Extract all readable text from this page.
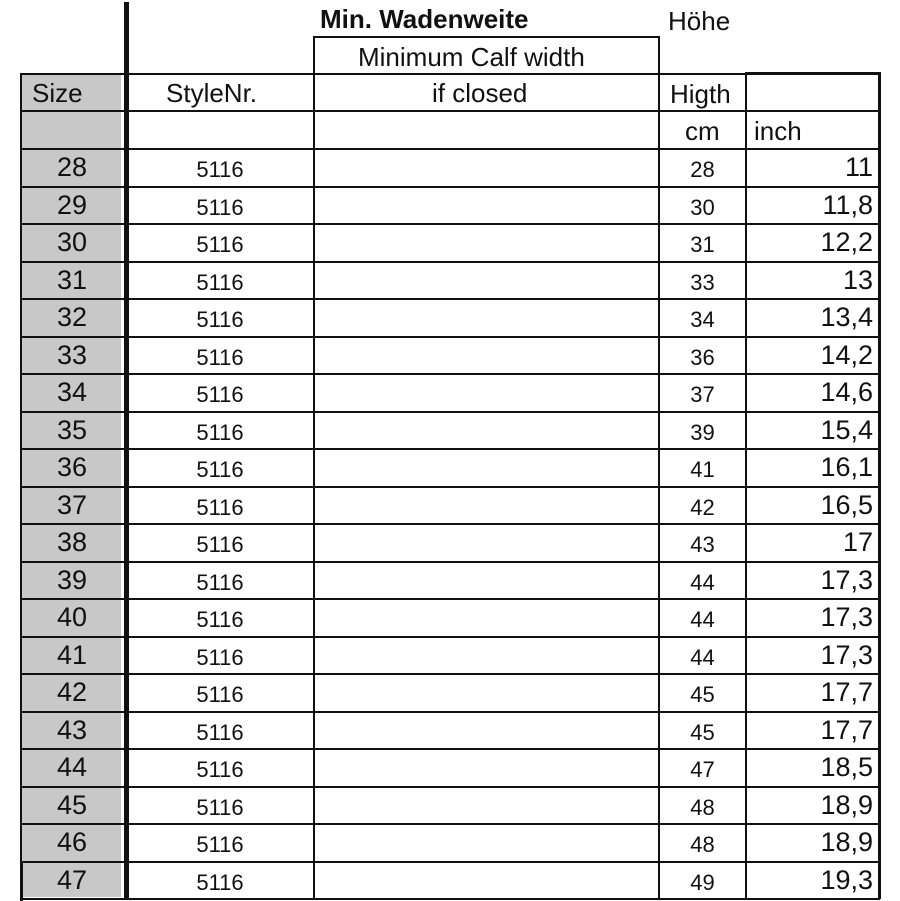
Min. Wadenweite
Minimum Calf width
if closed
Höhe
Higth
Size	StyleNr.
cm inch
28	5116	28	11
29	5116	30	11,8
30	5116	31	12,2
31	5116	33	13
32	5116	34	13,4
33	5116	36	14,2
34	5116	37	14,6
35	5116	39	15,4
36	5116	41	16,1
37	5116	42	16,5
38	5116	43	17
39	5116	44	17,3
40	5116	44	17,3
41	5116	44	17,3
42	5116	45	17,7
43	5116	45	17,7
44	5116	47	18,5
45	5116	48	18,9
46	5116	48	18,9
47	5116	49	19,3
